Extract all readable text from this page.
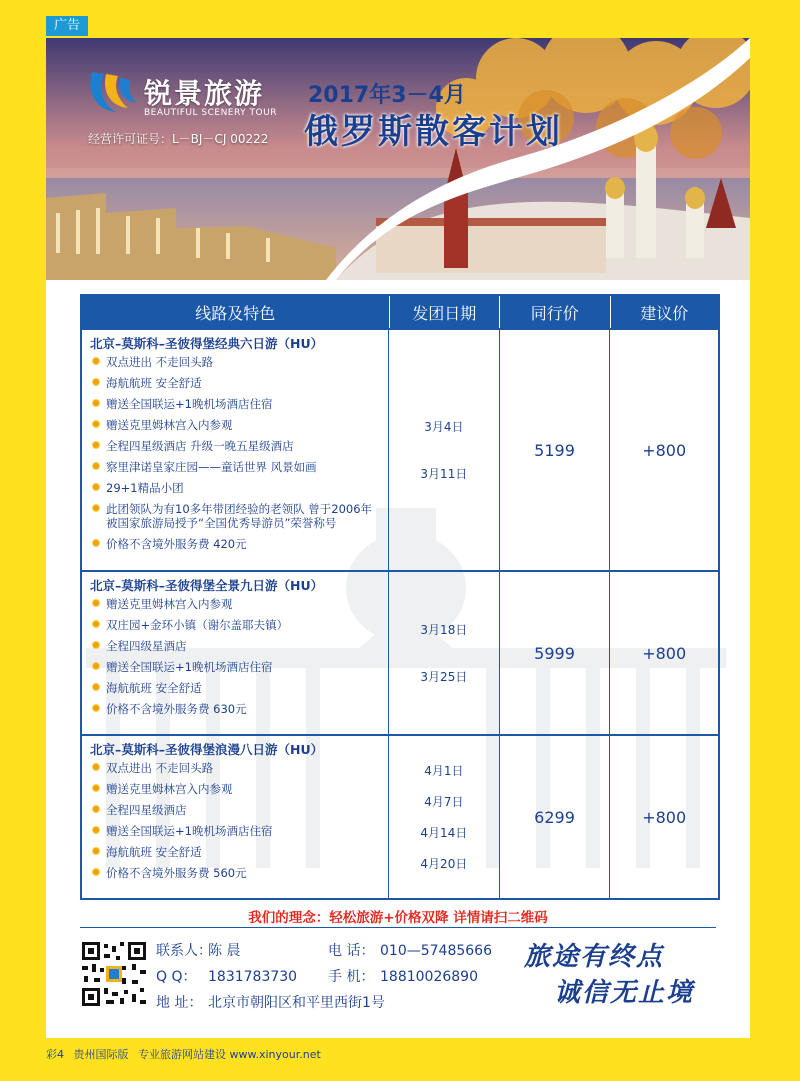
广告
锐景旅游
BEAUTIFUL SCENERY TOUR
经营许可证号：L－BJ－CJ 00222
2017年3－4月
俄罗斯散客计划
线路及特色	发团日期	同行价	建议价
北京–莫斯科–圣彼得堡经典六日游（HU）
双点进出 不走回头路
海航航班 安全舒适
赠送全国联运+1晚机场酒店住宿
赠送克里姆林宫入内参观
全程四星级酒店 升级一晚五星级酒店
察里津诺皇家庄园——童话世界 风景如画
29+1精品小团
此团领队为有10多年带团经验的老领队 曾于2006年被国家旅游局授予“全国优秀导游员”荣誉称号
价格不含境外服务费 420元
3月4日
3月11日
5199	+800
北京–莫斯科–圣彼得堡全景九日游（HU）
赠送克里姆林宫入内参观
双庄园+金环小镇（谢尔盖耶夫镇）
全程四级星酒店
赠送全国联运+1晚机场酒店住宿
海航航班 安全舒适
价格不含境外服务费 630元
3月18日
3月25日
5999	+800
北京–莫斯科–圣彼得堡浪漫八日游（HU）
双点进出 不走回头路
赠送克里姆林宫入内参观
全程四星级酒店
赠送全国联运+1晚机场酒店住宿
海航航班 安全舒适
价格不含境外服务费 560元
4月1日
4月7日
4月14日
4月20日
6299	+800
我们的理念：轻松旅游+价格双降 详情请扫二维码
联系人：陈 晨	电 话： 010—57485666
Q Q： 1831783730 手 机： 18810026890
地 址： 北京市朝阳区和平里西街1号
旅途有终点
诚信无止境
彩4 贵州国际版 专业旅游网站建设 www.xinyour.net
